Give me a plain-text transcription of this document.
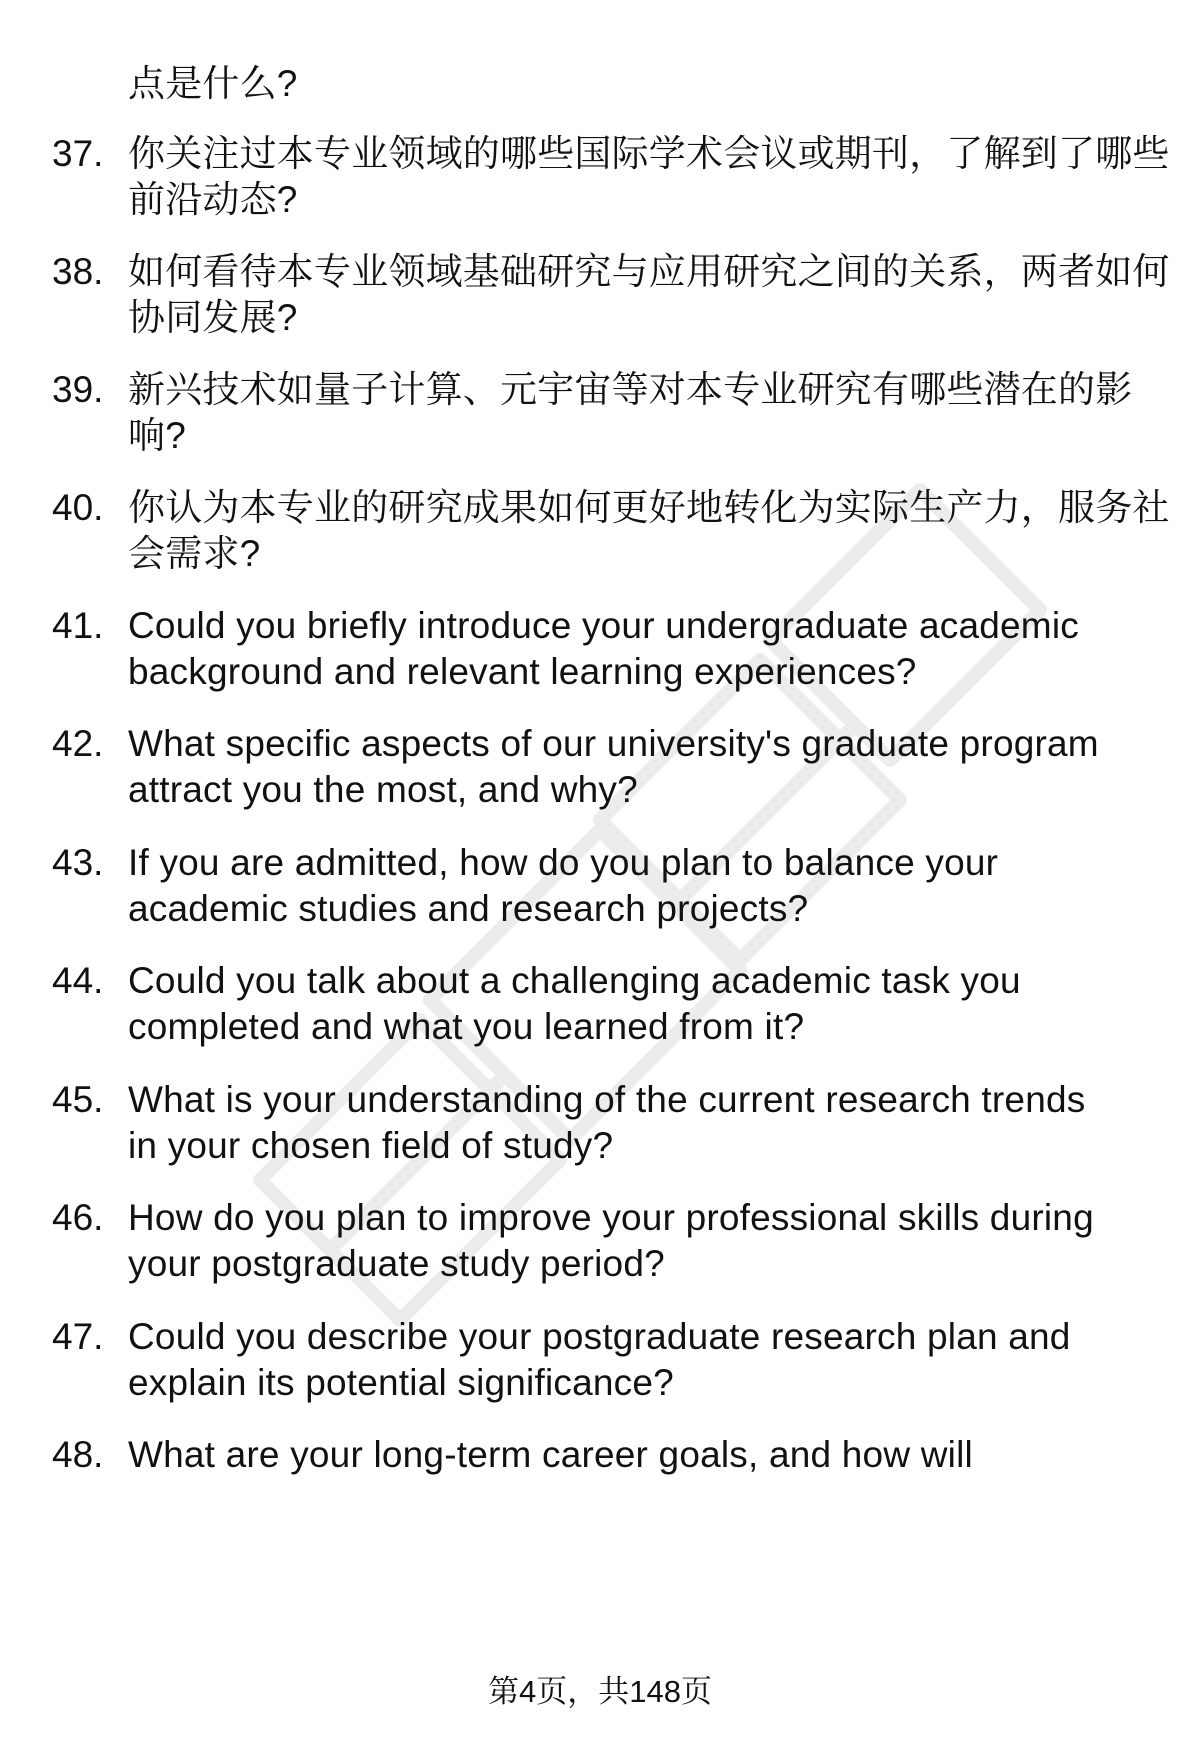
点是什么?
37. 你关注过本专业领域的哪些国际学术会议或期刊，了解到了哪些
前沿动态?
38. 如何看待本专业领域基础研究与应用研究之间的关系，两者如何
协同发展?
39. 新兴技术如量子计算、元宇宙等对本专业研究有哪些潜在的影
响?
40. 你认为本专业的研究成果如何更好地转化为实际生产力，服务社
会需求?
41. Could you briefly introduce your undergraduate academic
background and relevant learning experiences?
42. What specific aspects of our university's graduate program
attract you the most, and why?
43. If you are admitted, how do you plan to balance your
academic studies and research projects?
44. Could you talk about a challenging academic task you
completed and what you learned from it?
45. What is your understanding of the current research trends
in your chosen field of study?
46. How do you plan to improve your professional skills during
your postgraduate study period?
47. Could you describe your postgraduate research plan and
explain its potential significance?
48. What are your long-term career goals, and how will
第4页，共148页
